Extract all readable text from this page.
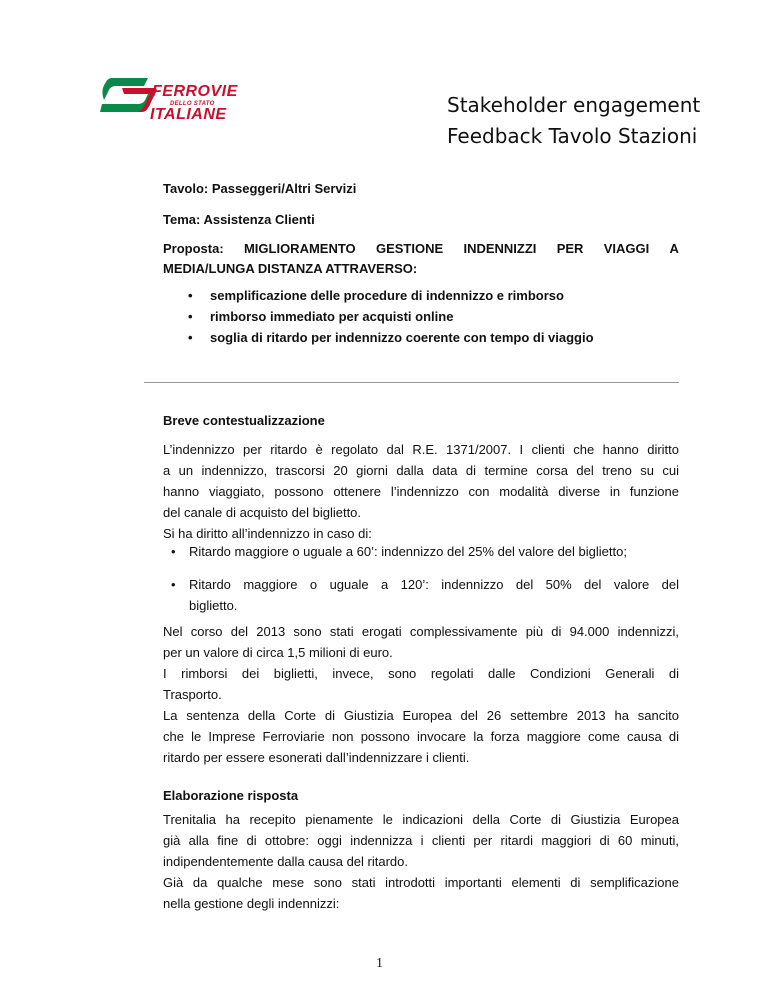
FERROVIE
DELLO STATO
ITALIANE	Stakeholder engagement
Feedback Tavolo Stazioni
Tavolo: Passeggeri/Altri Servizi
Tema: Assistenza Clienti
Proposta: MIGLIORAMENTO GESTIONE INDENNIZZI PER VIAGGI A
MEDIA/LUNGA DISTANZA ATTRAVERSO:
• semplificazione delle procedure di indennizzo e rimborso
• rimborso immediato per acquisti online
• soglia di ritardo per indennizzo coerente con tempo di viaggio
Breve contestualizzazione
L’indennizzo per ritardo è regolato dal R.E. 1371/2007. I clienti che hanno diritto
a un indennizzo, trascorsi 20 giorni dalla data di termine corsa del treno su cui
hanno viaggiato, possono ottenere l’indennizzo con modalità diverse in funzione
del canale di acquisto del biglietto.
Si ha diritto all’indennizzo in caso di:
• Ritardo maggiore o uguale a 60’: indennizzo del 25% del valore del biglietto;
• Ritardo maggiore o uguale a 120’: indennizzo del 50% del valore del
biglietto.
Nel corso del 2013 sono stati erogati complessivamente più di 94.000 indennizzi,
per un valore di circa 1,5 milioni di euro.
I rimborsi dei biglietti, invece, sono regolati dalle Condizioni Generali di
Trasporto.
La sentenza della Corte di Giustizia Europea del 26 settembre 2013 ha sancito
che le Imprese Ferroviarie non possono invocare la forza maggiore come causa di
ritardo per essere esonerati dall’indennizzare i clienti.
Elaborazione risposta
Trenitalia ha recepito pienamente le indicazioni della Corte di Giustizia Europea
già alla fine di ottobre: oggi indennizza i clienti per ritardi maggiori di 60 minuti,
indipendentemente dalla causa del ritardo.
Già da qualche mese sono stati introdotti importanti elementi di semplificazione
nella gestione degli indennizzi:
1
